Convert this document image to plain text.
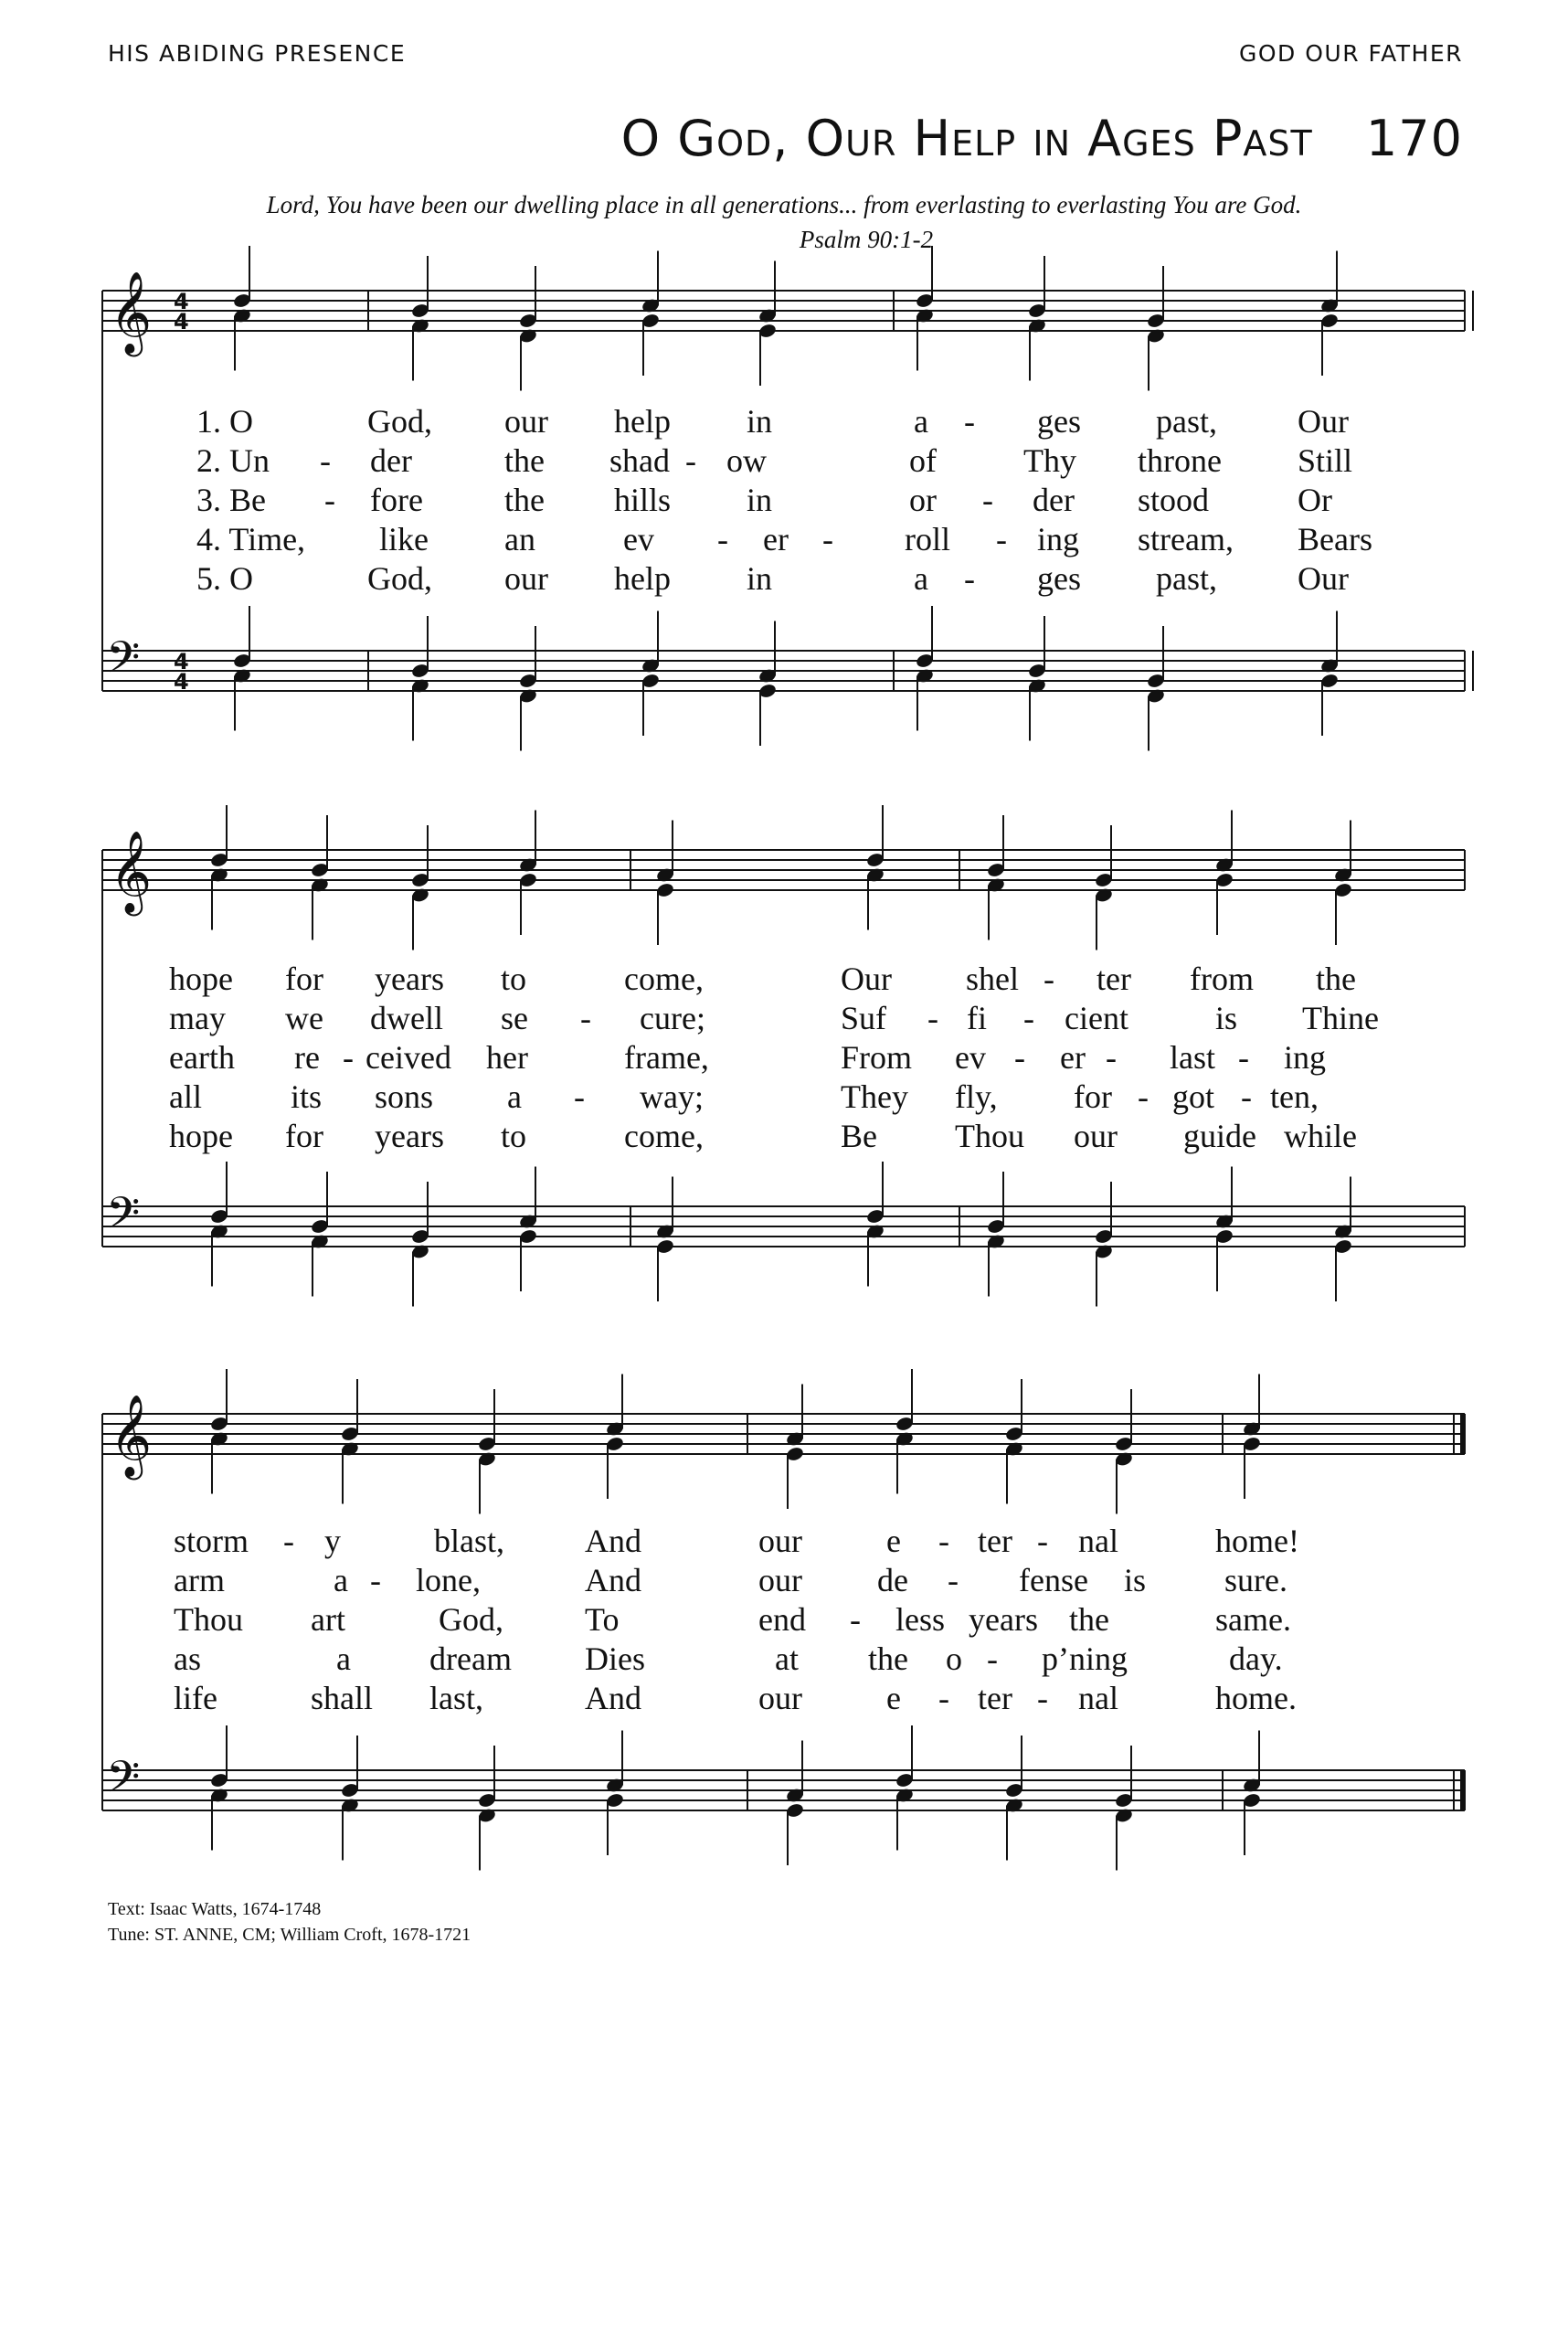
HIS ABIDING PRESENCE	GOD OUR FATHER
O God, Our Help in Ages Past 170
Lord, You have been our dwelling place in all generations... from everlasting to everlasting You are God.
Psalm 90:1-2
𝄞 4
4
𝄢 4
4
1. O	God, our help in	a - ges past, Our
2. Un - der	the shad - ow	of	Thy throne Still
3. Be - fore the hills in	or - der stood	Or
4. Time, like an	ev - er - roll - ing stream, Bears
5. O	God, our help in	a - ges past, Our
𝄞
𝄢
hope for years to	come,	Our shel - ter from the
may we dwell se - cure;	Suf - fi - cient	is Thine
earth re - ceived her	frame,	From ev - er - last - ing
all	its sons a - way;	They fly, for - got - ten,
hope for years to	come,	Be Thou our guide while
𝄞
𝄢
storm - y	blast, And	our	e - ter - nal	home!
arm	a - lone,	And	our de - fense is sure.
Thou art	God, To	end - less years the	same.
as	a dream Dies	at the o - p’ning	day.
life	shall last,	And	our	e - ter - nal	home.
Text: Isaac Watts, 1674-1748
Tune: ST. ANNE, CM; William Croft, 1678-1721
